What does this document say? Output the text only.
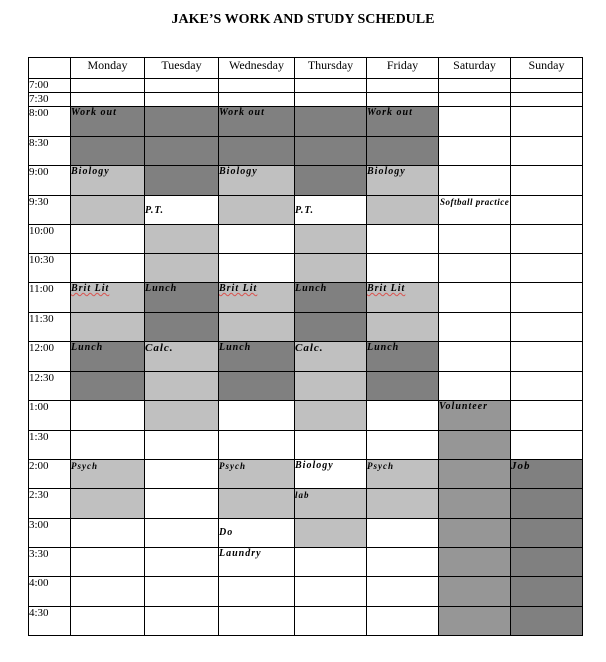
JAKE’S WORK AND STUDY SCHEDULE
	Monday	Tuesday	Wednesday	Thursday	Friday	Saturday	Sunday
7:00							
7:30							
8:00	Work out		Work out		Work out		
8:30							
9:00	Biology		Biology		Biology		
9:30		P.T.		P.T.		Softball practice	
10:00							
10:30							
11:00	Brit Lit	Lunch	Brit Lit	Lunch	Brit Lit		
11:30							
12:00	Lunch	Calc.	Lunch	Calc.	Lunch		
12:30							
1:00						Volunteer	
1:30							
2:00	Psych		Psych	Biology	Psych		Job
2:30				lab			
3:00			Do				
3:30			Laundry				
4:00							
4:30							
